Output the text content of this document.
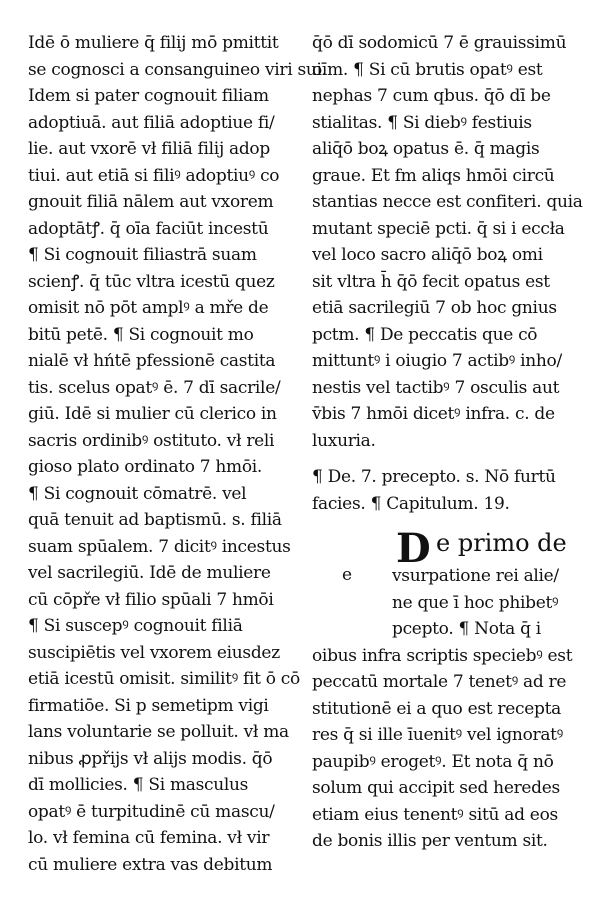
Idē ō muliere q̄ filij mō pmittit
se cognosci a consanguineo viri sui.
Idem si pater cognouit filiam
adoptiuā. aut filiā adoptiue fi/
lie. aut vxorē vł filiā filij adop
tiui. aut etiā si filiꝰ adoptiuꝰ co
gnouit filiā nālem aut vxorem
adoptātꝭ. q̄ oīa faciūt incestū
¶ Si cognouit filiastrā suam
scienꝭ. q̄ tūc vltra icestū quez
omisit nō pōt amplꝰ a mře de
bitū petē. ¶ Si cognouit mo
nialē vł hńtē pfessionē castita
tis. scelus opatꝰ ē. 7 dī sacrile/
giū. Idē si mulier cū clerico in
sacris ordinibꝰ ostituto. vł reli
gioso plato ordinato 7 hmōi.
¶ Si cognouit cōmatrē. vel
quā tenuit ad baptismū. s. filiā
suam spūalem. 7 dicitꝰ incestus
vel sacrilegiū. Idē de muliere
cū cōpře vł filio spūali 7 hmōi
¶ Si suscepꝰ cognouit filiā
suscipiētis vel vxorem eiusdez
etiā icestū omisit. similitꝰ fit ō cō
firmatiōe. Si p semetipm vigi
lanѕ voluntarie se polluit. vł ma
nibus ꝓpřijs vł alijs modis. q̄ō
dī mollicies. ¶ Si masculus
opatꝰ ē turpitudinē cū mascu/
lo. vł femina cū femina. vł vir
cū muliere extra vas debitum
q̄ō dī sodomicū 7 ē grauissimū
oīm. ¶ Si cū brutis opatꝰ est
nephas 7 cum qbus. q̄ō dī be
stialitas. ¶ Si diebꝰ festiuis
aliq̄ō boꝝ opatus ē. q̄ magis
graue. Et fm aliqs hmōi circū
stantias necce est confiteri. quia
mutant speciē pcti. q̄ si i eccła
vel loco sacro aliq̄ō boꝝ omi
sit vltra h̄ q̄ō fecit opatus est
etiā sacrilegiū 7 ob hoc gnius
pctm. ¶ De peccatis que cō
mittuntꝰ i oiugio 7 actibꝰ inho/
nestis vel tactibꝰ 7 osculis aut
v̄bis 7 hmōi dicetꝰ infra. c. de
luxuria.
¶ De. 7. precepto. s. Nō furtū
facies. ¶ Capitulum. 19.
D e primo de
e	vsurpatione rei alie/
ne que ī hoc phibetꝰ
pcepto. ¶ Nota q̄ i
oibus infra scriptis speciebꝰ est
peccatū mortale 7 tenetꝰ ad re
stitutionē ei a quo est recepta
res q̄ si ille īuenitꝰ vel ignoratꝰ
paupibꝰ erogetꝰ. Et nota q̄ nō
solum qui accipit sed heredes
etiam eius tenentꝰ sitū ad eos
de bonis illis per ventum sit.
